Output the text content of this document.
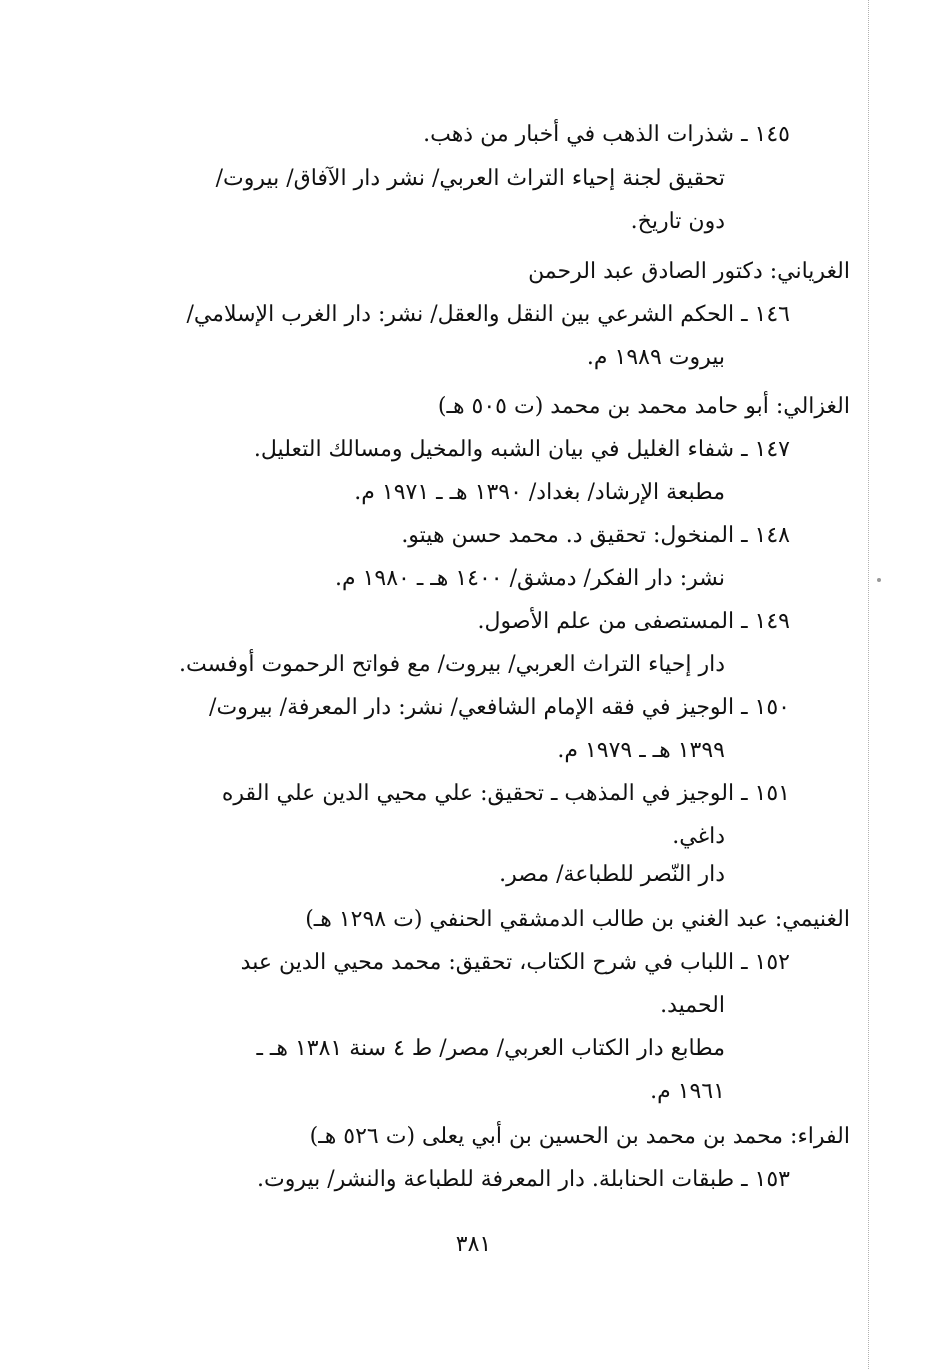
١٤٥ ـ شذرات الذهب في أخبار من ذهب.
تحقيق لجنة إحياء التراث العربي/ نشر دار الآفاق/ بيروت/
دون تاريخ.
الغرياني: دكتور الصادق عبد الرحمن
١٤٦ ـ الحكم الشرعي بين النقل والعقل/ نشر: دار الغرب الإسلامي/
بيروت ١٩٨٩ م.
الغزالي: أبو حامد محمد بن محمد (ت ٥٠٥ هـ)
١٤٧ ـ شفاء الغليل في بيان الشبه والمخيل ومسالك التعليل.
مطبعة الإرشاد/ بغداد/ ١٣٩٠ هـ ـ ١٩٧١ م.
١٤٨ ـ المنخول: تحقيق د. محمد حسن هيتو.
نشر: دار الفكر/ دمشق/ ١٤٠٠ هـ ـ ١٩٨٠ م.
١٤٩ ـ المستصفى من علم الأصول.
دار إحياء التراث العربي/ بيروت/ مع فواتح الرحموت أوفست.
١٥٠ ـ الوجيز في فقه الإمام الشافعي/ نشر: دار المعرفة/ بيروت/
١٣٩٩ هـ ـ ١٩٧٩ م.
١٥١ ـ الوجيز في المذهب ـ تحقيق: علي محيي الدين علي القره
داغي.
دار النّصر للطباعة/ مصر.
الغنيمي: عبد الغني بن طالب الدمشقي الحنفي (ت ١٢٩٨ هـ)
١٥٢ ـ اللباب في شرح الكتاب، تحقيق: محمد محيي الدين عبد
الحميد.
مطابع دار الكتاب العربي/ مصر/ ط ٤ سنة ١٣٨١ هـ ـ
١٩٦١ م.
الفراء: محمد بن محمد بن الحسين بن أبي يعلى (ت ٥٢٦ هـ)
١٥٣ ـ طبقات الحنابلة. دار المعرفة للطباعة والنشر/ بيروت.
٣٨١
